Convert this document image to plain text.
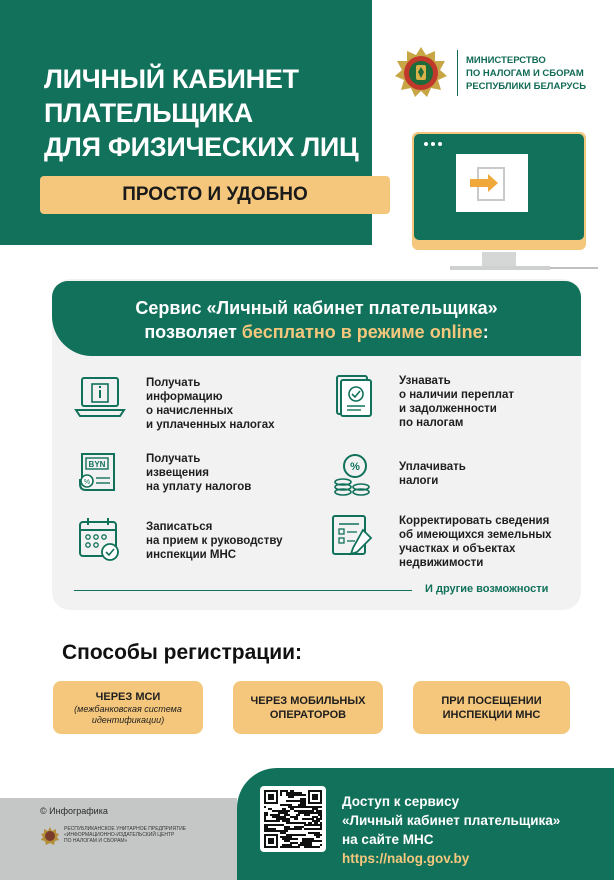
ЛИЧНЫЙ КАБИНЕТ
ПЛАТЕЛЬЩИКА
ДЛЯ ФИЗИЧЕСКИХ ЛИЦ
ПРОСТО И УДОБНО
МИНИСТЕРСТВО
ПО НАЛОГАМ И СБОРАМ
РЕСПУБЛИКИ БЕЛАРУСЬ
Сервис «Личный кабинет плательщика»
позволяет бесплатно в режиме online:
Получать
информацию
о начисленных
и уплаченных налогах
Узнавать
о наличии переплат
и задолженности
по налогам
BYN
%
Получать
извещения
на уплату налогов
%	Уплачивать
налоги
Записаться
на прием к руководству
инспекции МНС
Корректировать сведения
об имеющихся земельных
участках и объектах
недвижимости
И другие возможности
Способы регистрации:
ЧЕРЕЗ МСИ
(межбанковская система
идентификации)
ЧЕРЕЗ МОБИЛЬНЫХ
ОПЕРАТОРОВ
ПРИ ПОСЕЩЕНИИ
ИНСПЕКЦИИ МНС
© Инфографика
РЕСПУБЛИКАНСКОЕ УНИТАРНОЕ ПРЕДПРИЯТИЕ
«ИНФОРМАЦИОННО-ИЗДАТЕЛЬСКИЙ ЦЕНТР
ПО НАЛОГАМ И СБОРАМ»
Доступ к сервису
«Личный кабинет плательщика»
на сайте МНС
https://nalog.gov.by
